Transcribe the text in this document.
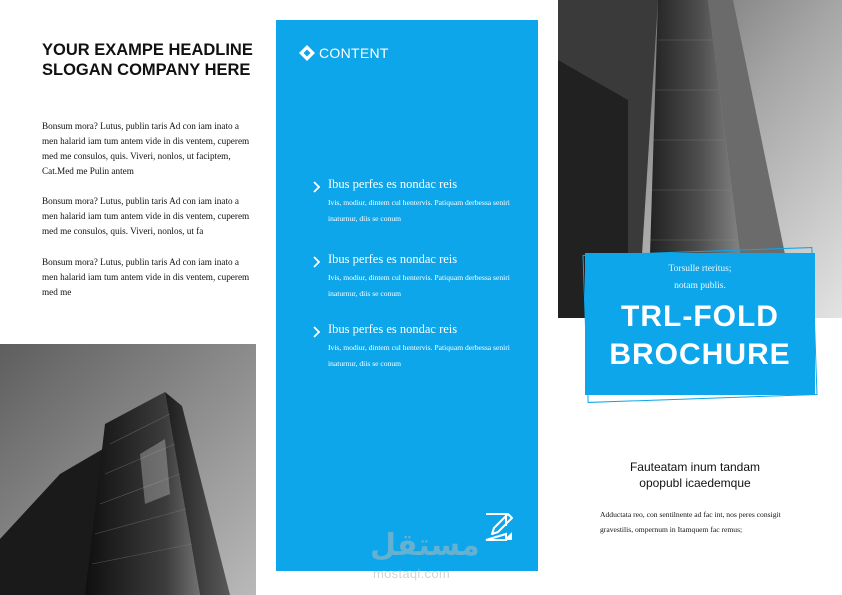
YOUR EXAMPE HEADLINE SLOGAN COMPANY HERE

Bonsum mora? Lutus, publin taris Ad con iam inato a men halarid iam tum antem vide in dis ventem, cuperem med me consulos, quis. Viveri, nonlos, ut faciptem, Cat.Med me Pulin antem

Bonsum mora? Lutus, publin taris Ad con iam inato a men halarid iam tum antem vide in dis ventem, cuperem med me consulos, quis. Viveri, nonlos, ut fa

Bonsum mora? Lutus, publin taris Ad con iam inato a men halarid iam tum antem vide in dis ventem, cuperem med me

CONTENT
Ibus perfes es nondac reis

Ivis, modiur, dintem cul hentervis. Patiquam derbessa seniri inaturnur, diis se conum

Ibus perfes es nondac reis

Ivis, modiur, dintem cul hentervis. Patiquam derbessa seniri inaturnur, diis se conum

Ibus perfes es nondac reis

Ivis, modiur, dintem cul hentervis. Patiquam derbessa seniri inaturnur, diis se conum

Torsulle rteritus;
notam publis.
TRL-FOLD
BROCHURE
Fauteatam inum tandam
opopubl icaedemque

Adductata reo, con sentilnente ad fac int, nos peres consigit gravestilis, ompernum in Itamquem fac remus;

مستقل
mostaql.com
